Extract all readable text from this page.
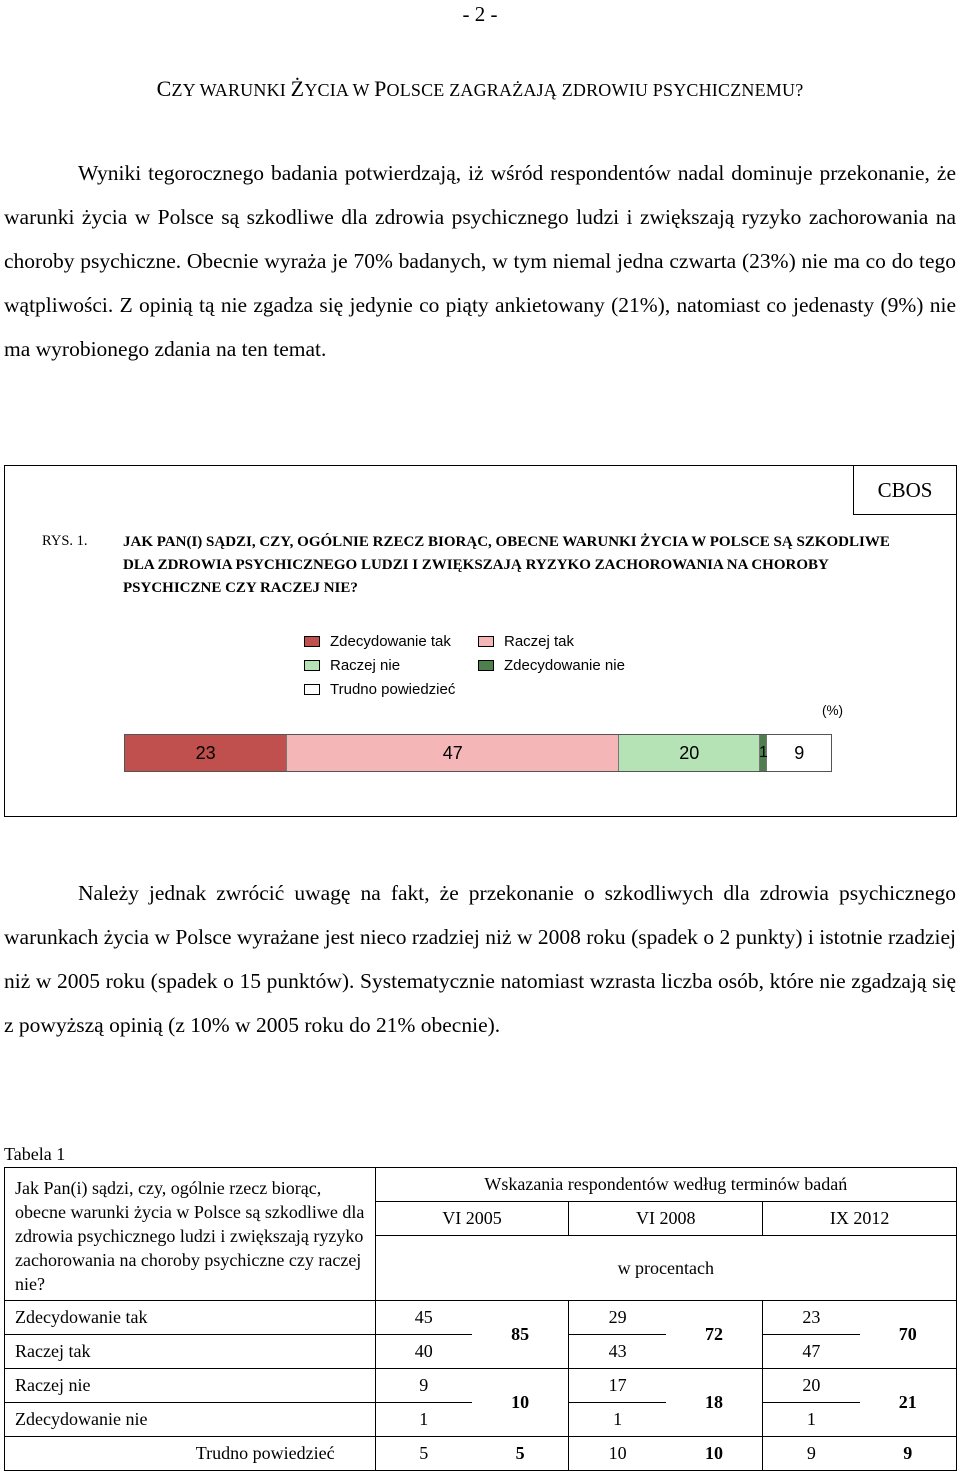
- 2 -
CZY WARUNKI ŻYCIA W POLSCE ZAGRAŻAJĄ ZDROWIU PSYCHICZNEMU?
Wyniki tegorocznego badania potwierdzają, iż wśród respondentów nadal dominuje przekonanie, że warunki życia w Polsce są szkodliwe dla zdrowia psychicznego ludzi i zwiększają ryzyko zachorowania na choroby psychiczne. Obecnie wyraża je 70% badanych, w tym niemal jedna czwarta (23%) nie ma co do tego wątpliwości. Z opinią tą nie zgadza się jedynie co piąty ankietowany (21%), natomiast co jedenasty (9%) nie ma wyrobionego zdania na ten temat.
CBOS
RYS. 1. JAK PAN(I) SĄDZI, CZY, OGÓLNIE RZECZ BIORĄC, OBECNE WARUNKI ŻYCIA W POLSCE SĄ SZKODLIWE DLA ZDROWIA PSYCHICZNEGO LUDZI I ZWIĘKSZAJĄ RYZYKO ZACHOROWANIA NA CHOROBY PSYCHICZNE CZY RACZEJ NIE?
Zdecydowanie tak	Raczej tak
Raczej nie	Zdecydowanie nie
Trudno powiedzieć
(%)
23	47	20	1 9
Należy jednak zwrócić uwagę na fakt, że przekonanie o szkodliwych dla zdrowia psychicznego warunkach życia w Polsce wyrażane jest nieco rzadziej niż w 2008 roku (spadek o 2 punkty) i istotnie rzadziej niż w 2005 roku (spadek o 15 punktów). Systematycznie natomiast wzrasta liczba osób, które nie zgadzają się z powyższą opinią (z 10% w 2005 roku do 21% obecnie).
Tabela 1
Jak Pan(i) sądzi, czy, ogólnie rzecz biorąc, obecne warunki życia w Polsce są szkodliwe dla zdrowia psychicznego ludzi i zwiększają ryzyko zachorowania na choroby psychiczne czy raczej nie?	Wskazania respondentów według terminów badań					
	VI 2005		VI 2008		IX 2012	
	w procentach					
Zdecydowanie tak	45	85	29	72	23	70
Raczej tak	40		43		47	
Raczej nie	9	10	17	18	20	21
Zdecydowanie nie	1		1		1	
Trudno powiedzieć	5	5	10	10	9	9
